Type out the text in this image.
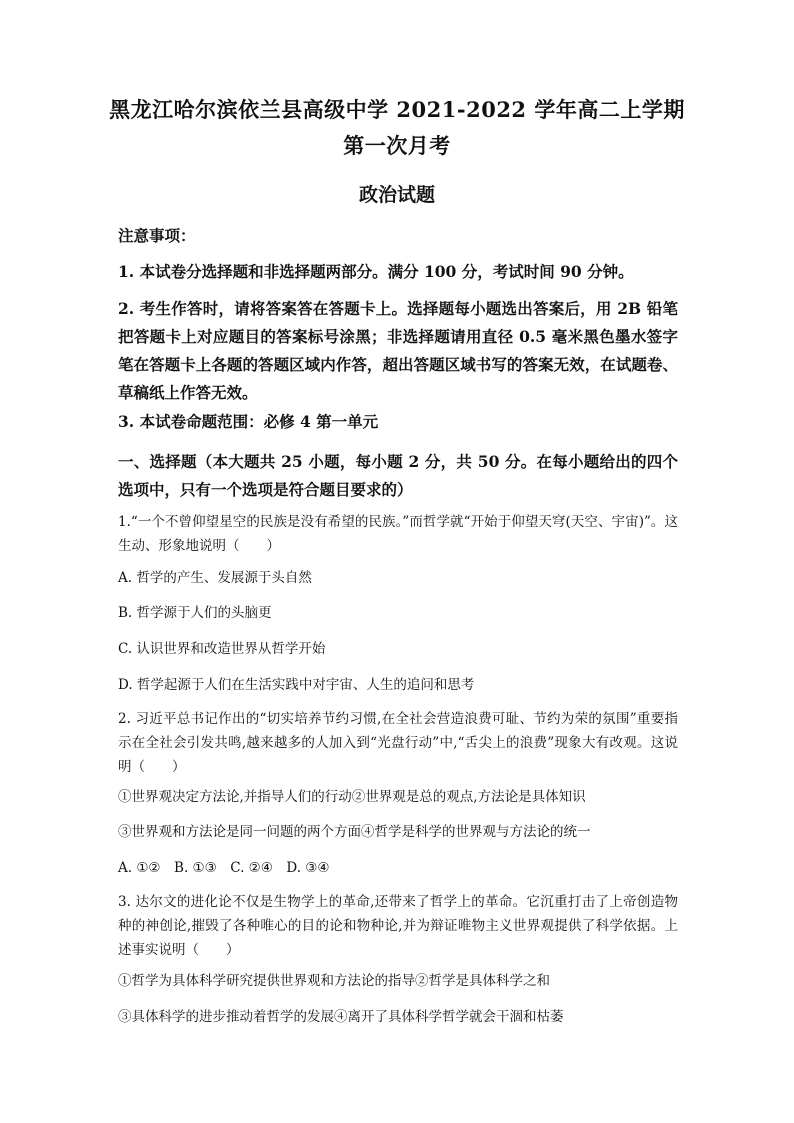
黑龙江哈尔滨依兰县高级中学 2021-2022 学年高二上学期
第一次月考
政治试题
注意事项：
1. 本试卷分选择题和非选择题两部分。满分 100 分，考试时间 90 分钟。
2. 考生作答时，请将答案答在答题卡上。选择题每小题选出答案后，用 2B 铅笔把答题卡上对应题目的答案标号涂黑；非选择题请用直径 0.5 毫米黑色墨水签字笔在答题卡上各题的答题区域内作答，超出答题区域书写的答案无效，在试题卷、草稿纸上作答无效。
3. 本试卷命题范围：必修 4 第一单元
一、选择题（本大题共 25 小题，每小题 2 分，共 50 分。在每小题给出的四个选项中，只有一个选项是符合题目要求的）
1.“一个不曾仰望星空的民族是没有希望的民族。”而哲学就“开始于仰望天穹(天空、宇宙)”。这生动、形象地说明（　　）
A. 哲学的产生、发展源于头自然
B. 哲学源于人们的头脑更
C. 认识世界和改造世界从哲学开始
D. 哲学起源于人们在生活实践中对宇宙、人生的追问和思考
2. 习近平总书记作出的“切实培养节约习惯,在全社会营造浪费可耻、节约为荣的氛围”重要指示在全社会引发共鸣,越来越多的人加入到“光盘行动”中,“舌尖上的浪费”现象大有改观。这说明（　　）
①世界观决定方法论,并指导人们的行动②世界观是总的观点,方法论是具体知识
③世界观和方法论是同一问题的两个方面④哲学是科学的世界观与方法论的统一
A. ①②　B. ①③　C. ②④　D. ③④
3. 达尔文的进化论不仅是生物学上的革命,还带来了哲学上的革命。它沉重打击了上帝创造物种的神创论,摧毁了各种唯心的目的论和物种论,并为辩证唯物主义世界观提供了科学依据。上述事实说明（　　）
①哲学为具体科学研究提供世界观和方法论的指导②哲学是具体科学之和
③具体科学的进步推动着哲学的发展④离开了具体科学哲学就会干涸和枯萎
